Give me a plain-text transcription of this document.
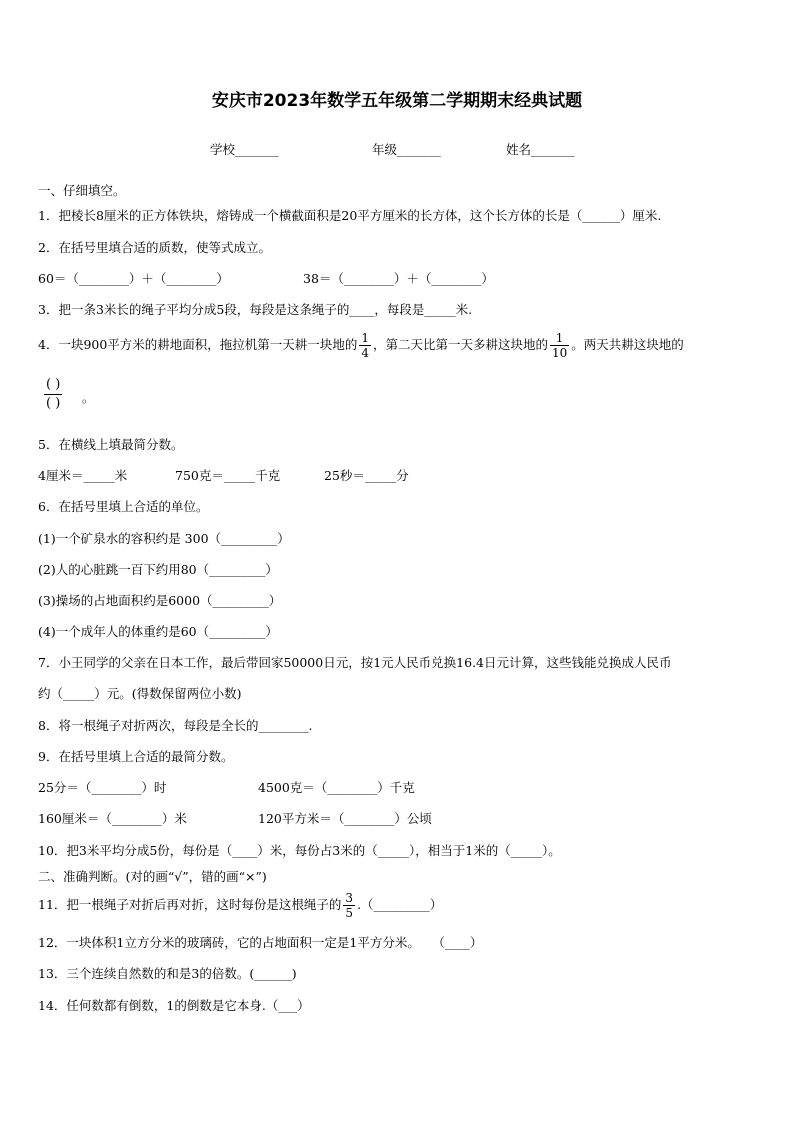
安庆市2023年数学五年级第二学期期末经典试题
学校_______	年级_______	姓名_______
一、仔细填空。
1．把棱长8厘米的正方体铁块，熔铸成一个横截面积是20平方厘米的长方体，这个长方体的长是（______）厘米.
2．在括号里填合适的质数，使等式成立。
60＝（________）＋（________）	38＝（________）＋（________）
3．把一条3米长的绳子平均分成5段，每段是这条绳子的____，每段是_____米.
4．一块900平方米的耕地面积，拖拉机第一天耕一块地的 $\frac{1}{4}$ ，第二天比第一天多耕这块地的 $\frac{1}{10}$ 。两天共耕这块地的
( )
( ) 。
5．在横线上填最简分数。
4厘米＝_____米	750克＝_____千克	25秒＝_____分
6．在括号里填上合适的单位。
(1)一个矿泉水的容积约是 300（_________）
(2)人的心脏跳一百下约用80（_________）
(3)操场的占地面积约是6000（_________）
(4)一个成年人的体重约是60（_________）
7．小王同学的父亲在日本工作，最后带回家50000日元，按1元人民币兑换16.4日元计算，这些钱能兑换成人民币
约（_____）元。(得数保留两位小数)
8．将一根绳子对折两次，每段是全长的________.
9．在括号里填上合适的最简分数。
25分＝（________）时	4500克＝（________）千克
160厘米＝（________）米	120平方米＝（________）公顷
10．把3米平均分成5份，每份是（____）米，每份占3米的（_____），相当于1米的（_____）。
二、准确判断。(对的画“√”，错的画“×”)
11．把一根绳子对折后再对折，这时每份是这根绳子的 $\frac{3}{5}$ .（_________）
12．一块体积1立方分米的玻璃砖，它的占地面积一定是1平方分米。　　（____）
13．三个连续自然数的和是3的倍数。(______)
14．任何数都有倒数，1的倒数是它本身.（___）
